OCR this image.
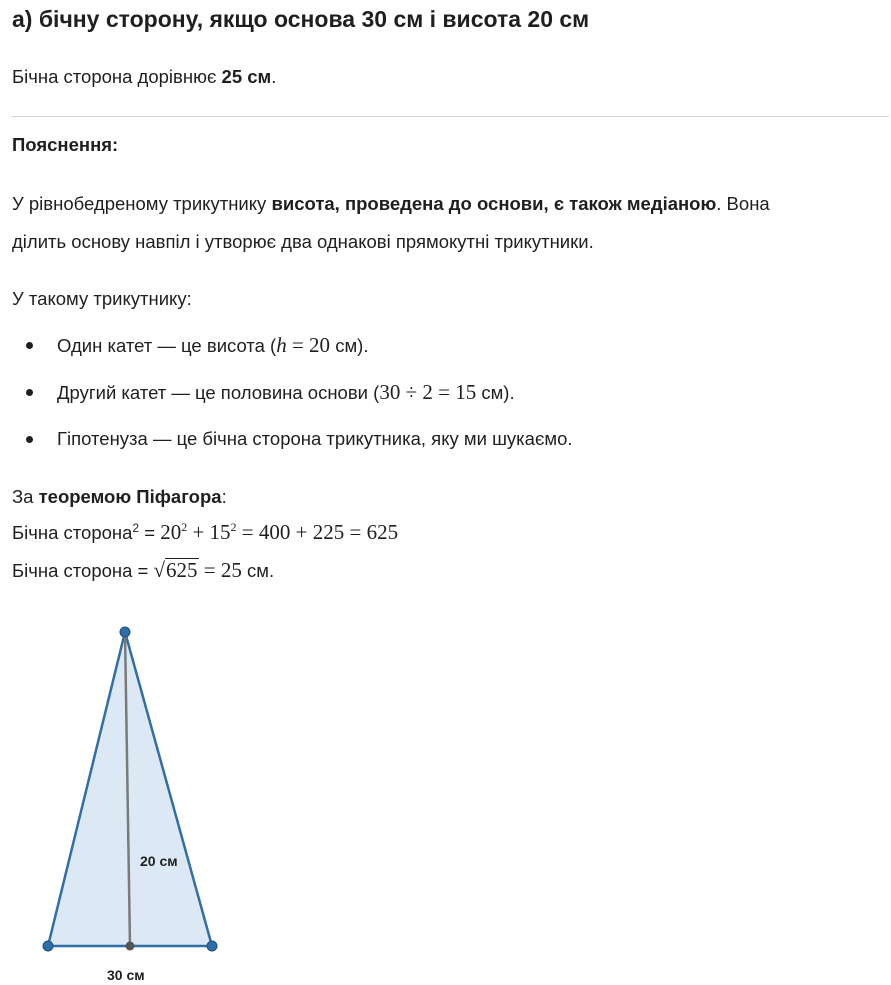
а) бічну сторону, якщо основа 30 см і висота 20 см
Бічна сторона дорівнює 25 см.
Пояснення:
У рівнобедреному трикутнику висота, проведена до основи, є також медіаною. Вона
ділить основу навпіл і утворює два однакові прямокутні трикутники.
У такому трикутнику:
Один катет — це висота (h = 20 см).
Другий катет — це половина основи (30 ÷ 2 = 15 см).
Гіпотенуза — це бічна сторона трикутника, яку ми шукаємо.
За теоремою Піфагора:
Бічна сторона$^2$ = $20^2 + 15^2 = 400 + 225 = 625$
Бічна сторона = √625 = 25 см.
20 см
30 см
